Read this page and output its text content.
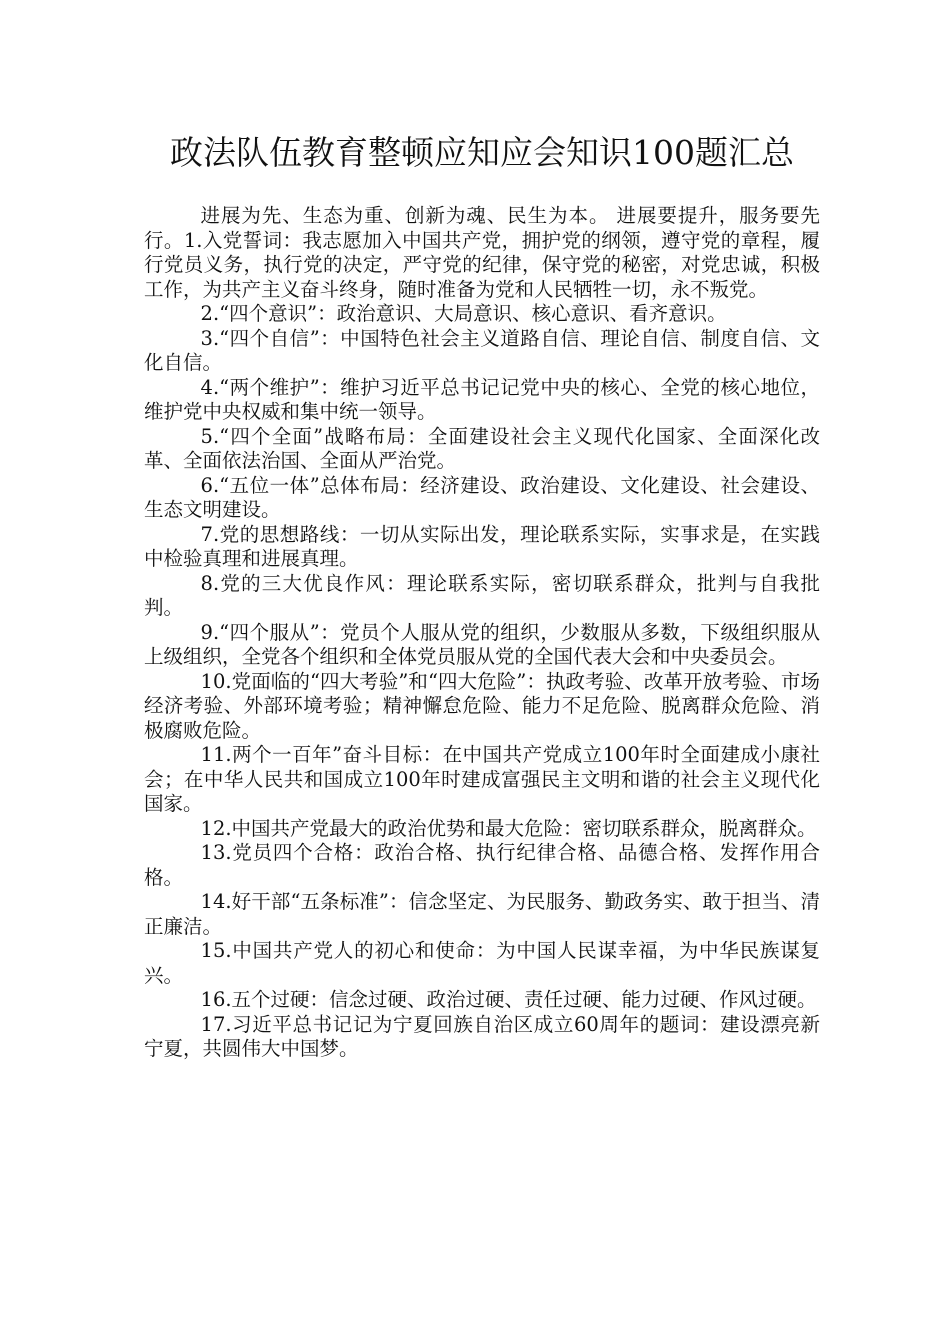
政法队伍教育整顿应知应会知识100题汇总

进展为先、生态为重、创新为魂、民生为本。 进展要提升，服务要先行。1.入党誓词：我志愿加入中国共产党，拥护党的纲领，遵守党的章程，履行党员义务，执行党的决定，严守党的纪律，保守党的秘密，对党忠诚，积极工作，为共产主义奋斗终身，随时准备为党和人民牺牲一切，永不叛党。

2.“四个意识”：政治意识、大局意识、核心意识、看齐意识。

3.“四个自信”：中国特色社会主义道路自信、理论自信、制度自信、文化自信。

4.“两个维护”：维护习近平总书记记党中央的核心、全党的核心地位，维护党中央权威和集中统一领导。

5.“四个全面”战略布局：全面建设社会主义现代化国家、全面深化改革、全面依法治国、全面从严治党。

6.“五位一体”总体布局：经济建设、政治建设、文化建设、社会建设、生态文明建设。

7.党的思想路线：一切从实际出发，理论联系实际，实事求是，在实践中检验真理和进展真理。

8.党的三大优良作风：理论联系实际，密切联系群众，批判与自我批判。

9.“四个服从”：党员个人服从党的组织，少数服从多数，下级组织服从上级组织，全党各个组织和全体党员服从党的全国代表大会和中央委员会。

10.党面临的“四大考验”和“四大危险”：执政考验、改革开放考验、市场经济考验、外部环境考验；精神懈怠危险、能力不足危险、脱离群众危险、消极腐败危险。

11.两个一百年”奋斗目标：在中国共产党成立100年时全面建成小康社会；在中华人民共和国成立100年时建成富强民主文明和谐的社会主义现代化国家。

12.中国共产党最大的政治优势和最大危险：密切联系群众，脱离群众。

13.党员四个合格：政治合格、执行纪律合格、品德合格、发挥作用合格。

14.好干部“五条标准”：信念坚定、为民服务、勤政务实、敢于担当、清正廉洁。

15.中国共产党人的初心和使命：为中国人民谋幸福，为中华民族谋复兴。

16.五个过硬：信念过硬、政治过硬、责任过硬、能力过硬、作风过硬。

17.习近平总书记记为宁夏回族自治区成立60周年的题词：建设漂亮新宁夏，共圆伟大中国梦。
